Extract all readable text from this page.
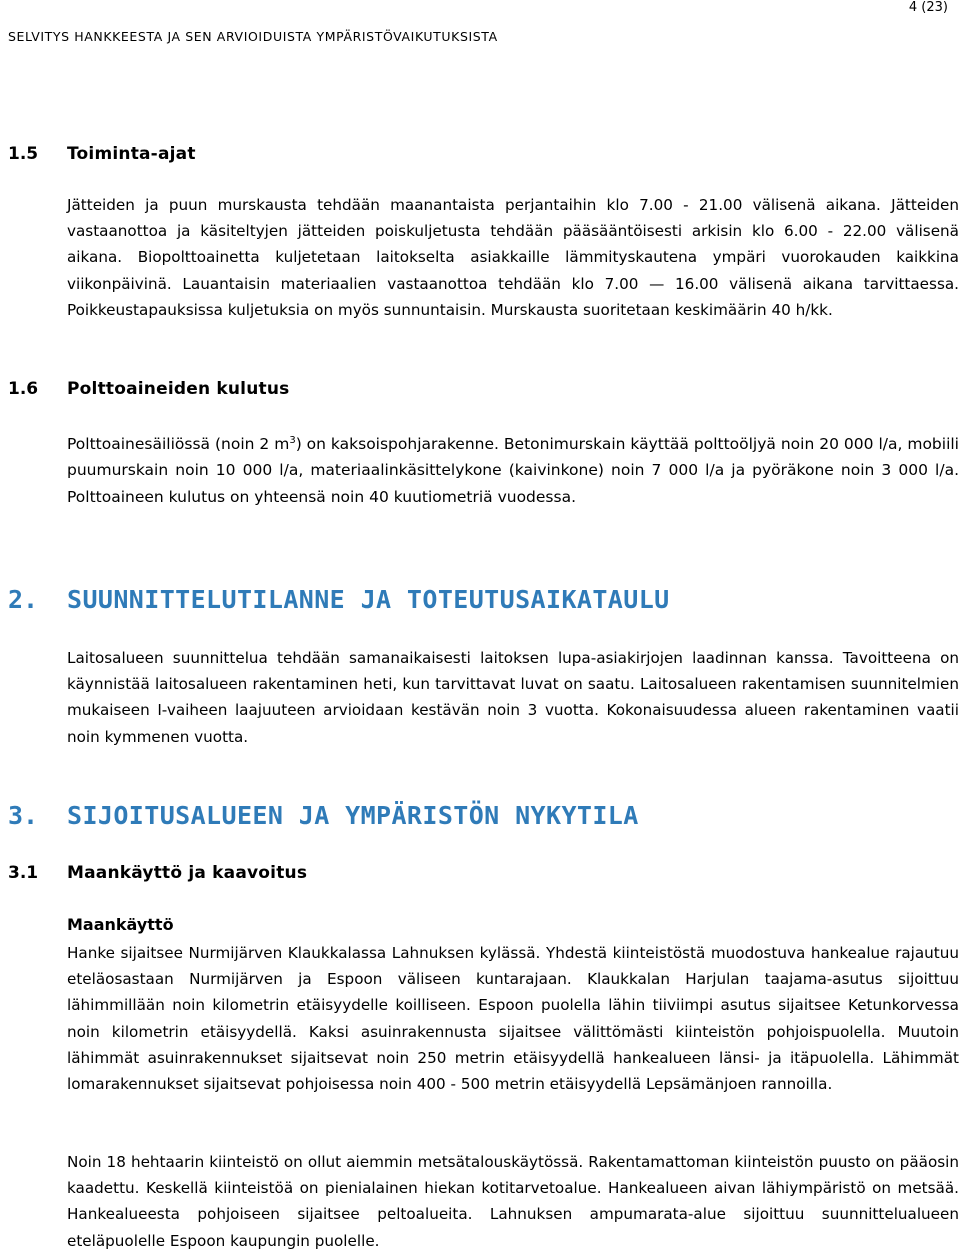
4 (23)
SELVITYS HANKKEESTA JA SEN ARVIOIDUISTA YMPÄRISTÖVAIKUTUKSISTA
1.5 Toiminta-ajat

Jätteiden ja puun murskausta tehdään maanantaista perjantaihin klo 7.00 - 21.00 välisenä aikana. Jätteiden vastaanottoa ja käsiteltyjen jätteiden poiskuljetusta tehdään pääsääntöisesti arkisin klo 6.00 - 22.00 välisenä aikana. Biopolttoainetta kuljetetaan laitokselta asiakkaille lämmityskautena ympäri vuorokauden kaikkina viikonpäivinä. Lauantaisin materiaalien vastaanottoa tehdään klo 7.00 — 16.00 välisenä aikana tarvittaessa. Poikkeustapauksissa kuljetuksia on myös sunnuntaisin. Murskausta suoritetaan keskimäärin 40 h/kk.

1.6 Polttoaineiden kulutus

Polttoainesäiliössä (noin 2 $m^3$) on kaksoispohjarakenne. Betonimurskain käyttää polttoöljyä noin 20 000 l/a, mobiili puumurskain noin 10 000 l/a, materiaalinkäsittelykone (kaivinkone) noin 7 000 l/a ja pyöräkone noin 3 000 l/a. Polttoaineen kulutus on yhteensä noin 40 kuutiometriä vuodessa.

2. SUUNNITTELUTILANNE JA TOTEUTUSAIKATAULU

Laitosalueen suunnittelua tehdään samanaikaisesti laitoksen lupa-asiakirjojen laadinnan kanssa. Tavoitteena on käynnistää laitosalueen rakentaminen heti, kun tarvittavat luvat on saatu. Laitosalueen rakentamisen suunnitelmien mukaiseen I-vaiheen laajuuteen arvioidaan kestävän noin 3 vuotta. Kokonaisuudessa alueen rakentaminen vaatii noin kymmenen vuotta.

3. SIJOITUSALUEEN JA YMPÄRISTÖN NYKYTILA
3.1 Maankäyttö ja kaavoitus
Maankäyttö

Hanke sijaitsee Nurmijärven Klaukkalassa Lahnuksen kylässä. Yhdestä kiinteistöstä muodostuva hankealue rajautuu eteläosastaan Nurmijärven ja Espoon väliseen kuntarajaan. Klaukkalan Harjulan taajama-asutus sijoittuu lähimmillään noin kilometrin etäisyydelle koilliseen. Espoon puolella lähin tiiviimpi asutus sijaitsee Ketunkorvessa noin kilometrin etäisyydellä. Kaksi asuinrakennusta sijaitsee välittömästi kiinteistön pohjoispuolella. Muutoin lähimmät asuinrakennukset sijaitsevat noin 250 metrin etäisyydellä hankealueen länsi- ja itäpuolella. Lähimmät lomarakennukset sijaitsevat pohjoisessa noin 400 - 500 metrin etäisyydellä Lepsämänjoen rannoilla.

Noin 18 hehtaarin kiinteistö on ollut aiemmin metsätalouskäytössä. Rakentamattoman kiinteistön puusto on pääosin kaadettu. Keskellä kiinteistöä on pienialainen hiekan kotitarvetoalue. Hankealueen aivan lähiympäristö on metsää. Hankealueesta pohjoiseen sijaitsee peltoalueita. Lahnuksen ampumarata-alue sijoittuu suunnittelualueen eteläpuolelle Espoon kaupungin puolelle.
